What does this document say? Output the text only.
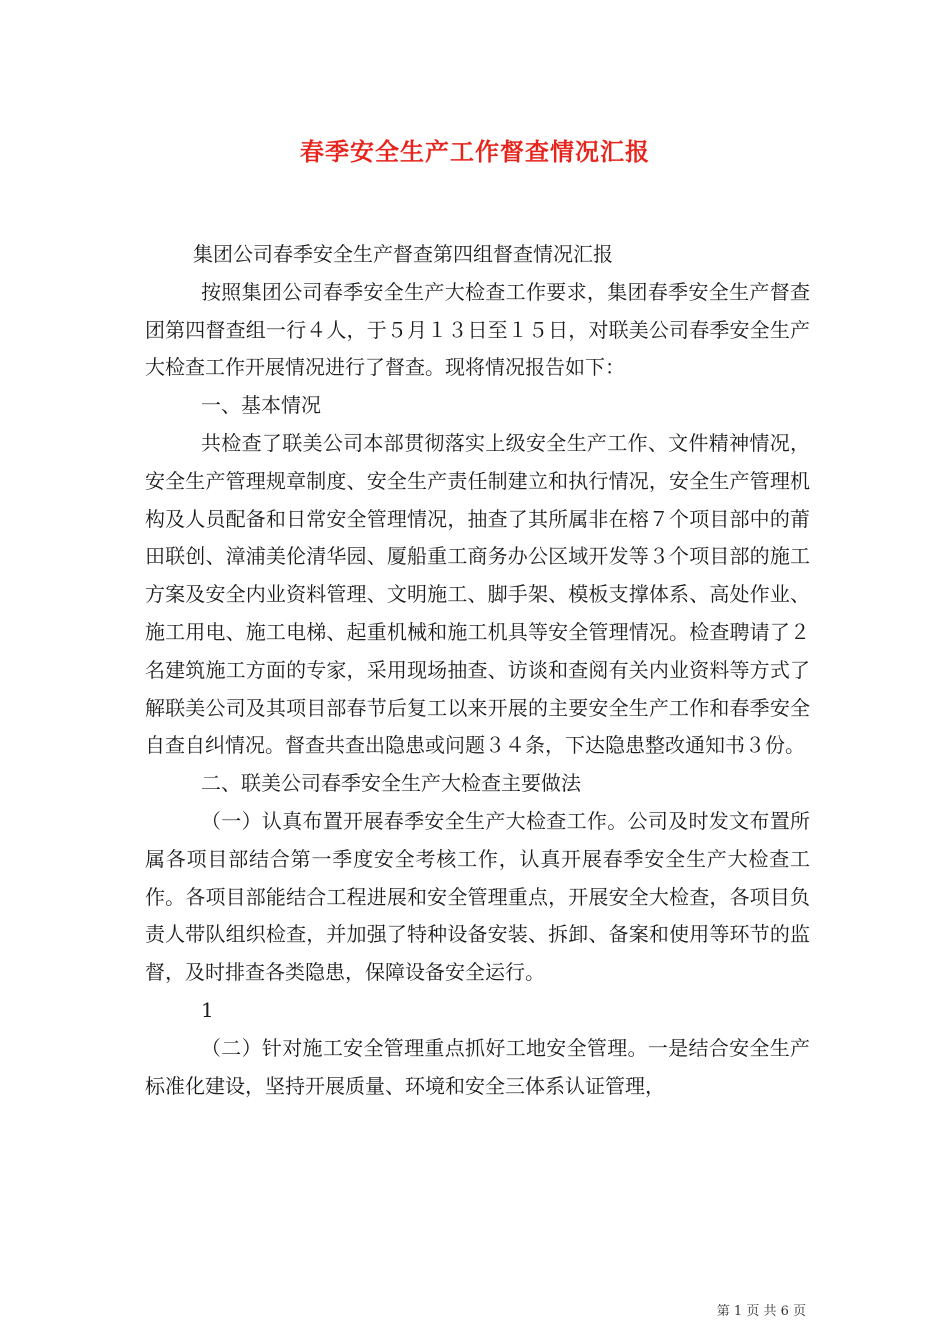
春季安全生产工作督查情况汇报

集团公司春季安全生产督查第四组督查情况汇报

按照集团公司春季安全生产大检查工作要求，集团春季安全生产督查团第四督查组一行４人，于５月１３日至１５日，对联美公司春季安全生产大检查工作开展情况进行了督查。现将情况报告如下：

一、基本情况

共检查了联美公司本部贯彻落实上级安全生产工作、文件精神情况，安全生产管理规章制度、安全生产责任制建立和执行情况，安全生产管理机构及人员配备和日常安全管理情况，抽查了其所属非在榕７个项目部中的莆田联创、漳浦美伦清华园、厦船重工商务办公区域开发等３个项目部的施工方案及安全内业资料管理、文明施工、脚手架、模板支撑体系、高处作业、施工用电、施工电梯、起重机械和施工机具等安全管理情况。检查聘请了２名建筑施工方面的专家，采用现场抽查、访谈和查阅有关内业资料等方式了解联美公司及其项目部春节后复工以来开展的主要安全生产工作和春季安全自查自纠情况。督查共查出隐患或问题３４条，下达隐患整改通知书３份。

二、联美公司春季安全生产大检查主要做法

（一）认真布置开展春季安全生产大检查工作。公司及时发文布置所属各项目部结合第一季度安全考核工作，认真开展春季安全生产大检查工作。各项目部能结合工程进展和安全管理重点，开展安全大检查，各项目负责人带队组织检查，并加强了特种设备安装、拆卸、备案和使用等环节的监督，及时排查各类隐患，保障设备安全运行。

1

（二）针对施工安全管理重点抓好工地安全管理。一是结合安全生产标准化建设，坚持开展质量、环境和安全三体系认证管理，

第 1 页 共 6 页
